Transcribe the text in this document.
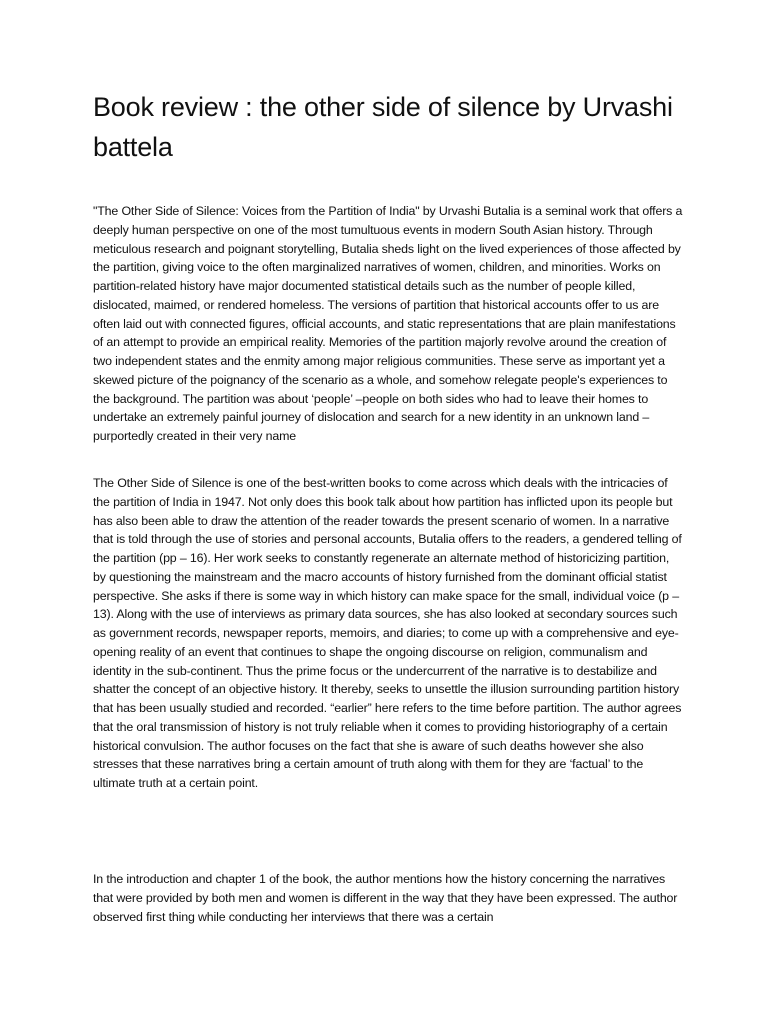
Book review : the other side of silence by Urvashi battela

"The Other Side of Silence: Voices from the Partition of India" by Urvashi Butalia is a seminal work that offers a deeply human perspective on one of the most tumultuous events in modern South Asian history. Through meticulous research and poignant storytelling, Butalia sheds light on the lived experiences of those affected by the partition, giving voice to the often marginalized narratives of women, children, and minorities. Works on partition-related history have major documented statistical details such as the number of people killed, dislocated, maimed, or rendered homeless. The versions of partition that historical accounts offer to us are often laid out with connected figures, official accounts, and static representations that are plain manifestations of an attempt to provide an empirical reality. Memories of the partition majorly revolve around the creation of two independent states and the enmity among major religious communities. These serve as important yet a skewed picture of the poignancy of the scenario as a whole, and somehow relegate people's experiences to the background. The partition was about ‘people’ –people on both sides who had to leave their homes to undertake an extremely painful journey of dislocation and search for a new identity in an unknown land –purportedly created in their very name

The Other Side of Silence is one of the best-written books to come across which deals with the intricacies of the partition of India in 1947. Not only does this book talk about how partition has inflicted upon its people but has also been able to draw the attention of the reader towards the present scenario of women. In a narrative that is told through the use of stories and personal accounts, Butalia offers to the readers, a gendered telling of the partition (pp – 16). Her work seeks to constantly regenerate an alternate method of historicizing partition, by questioning the mainstream and the macro accounts of history furnished from the dominant official statist perspective. She asks if there is some way in which history can make space for the small, individual voice (p – 13). Along with the use of interviews as primary data sources, she has also looked at secondary sources such as government records, newspaper reports, memoirs, and diaries; to come up with a comprehensive and eye-opening reality of an event that continues to shape the ongoing discourse on religion, communalism and identity in the sub-continent. Thus the prime focus or the undercurrent of the narrative is to destabilize and shatter the concept of an objective history. It thereby, seeks to unsettle the illusion surrounding partition history that has been usually studied and recorded. “earlier” here refers to the time before partition. The author agrees that the oral transmission of history is not truly reliable when it comes to providing historiography of a certain historical convulsion. The author focuses on the fact that she is aware of such deaths however she also stresses that these narratives bring a certain amount of truth along with them for they are ‘factual’ to the ultimate truth at a certain point.

In the introduction and chapter 1 of the book, the author mentions how the history concerning the narratives that were provided by both men and women is different in the way that they have been expressed. The author observed first thing while conducting her interviews that there was a certain
